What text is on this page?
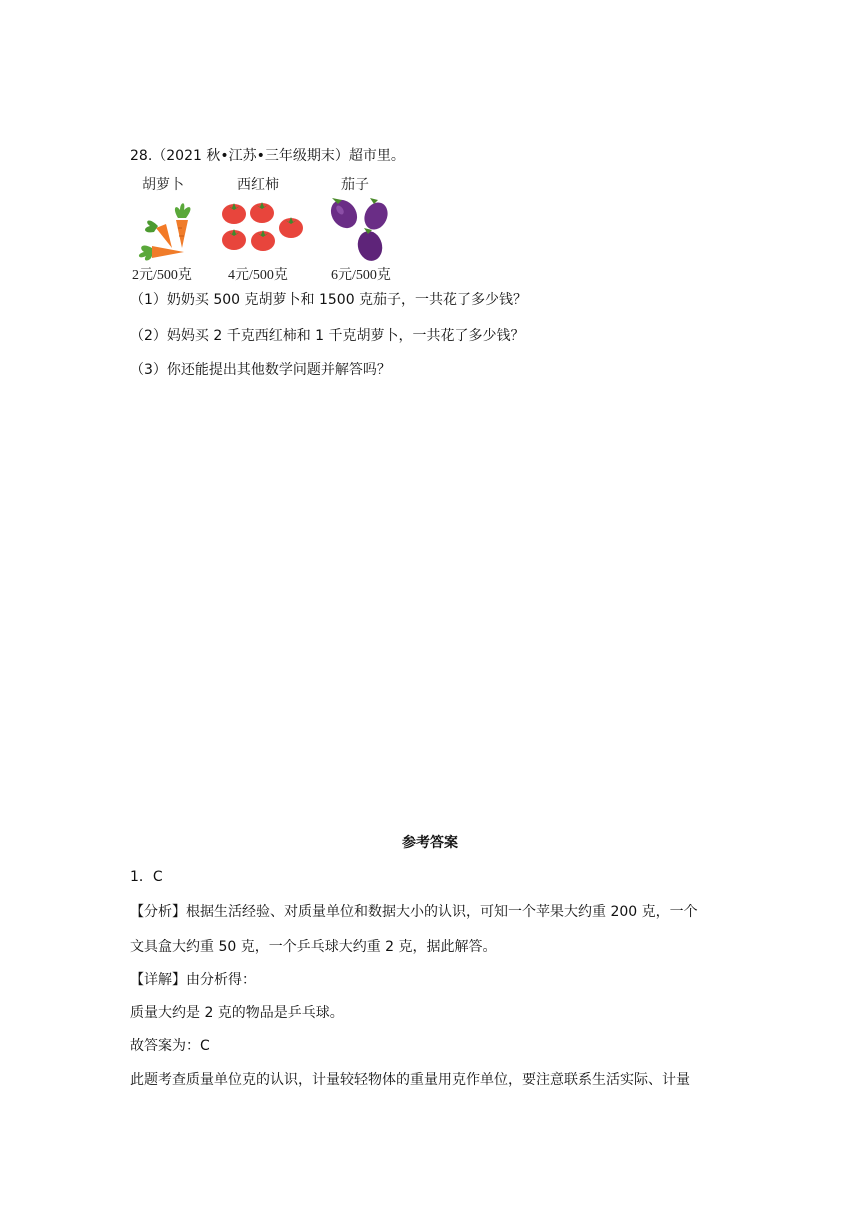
28.（2021 秋•江苏•三年级期末）超市里。
胡萝卜	西红柿	茄子
2元/500克	4元/500克	6元/500克
（1）奶奶买 500 克胡萝卜和 1500 克茄子，一共花了多少钱？
（2）妈妈买 2 千克西红柿和 1 千克胡萝卜，一共花了多少钱？
（3）你还能提出其他数学问题并解答吗？
参考答案
1．C
【分析】根据生活经验、对质量单位和数据大小的认识，可知一个苹果大约重 200 克，一个
文具盒大约重 50 克，一个乒乓球大约重 2 克，据此解答。
【详解】由分析得：
质量大约是 2 克的物品是乒乓球。
故答案为：C
此题考查质量单位克的认识，计量较轻物体的重量用克作单位，要注意联系生活实际、计量
